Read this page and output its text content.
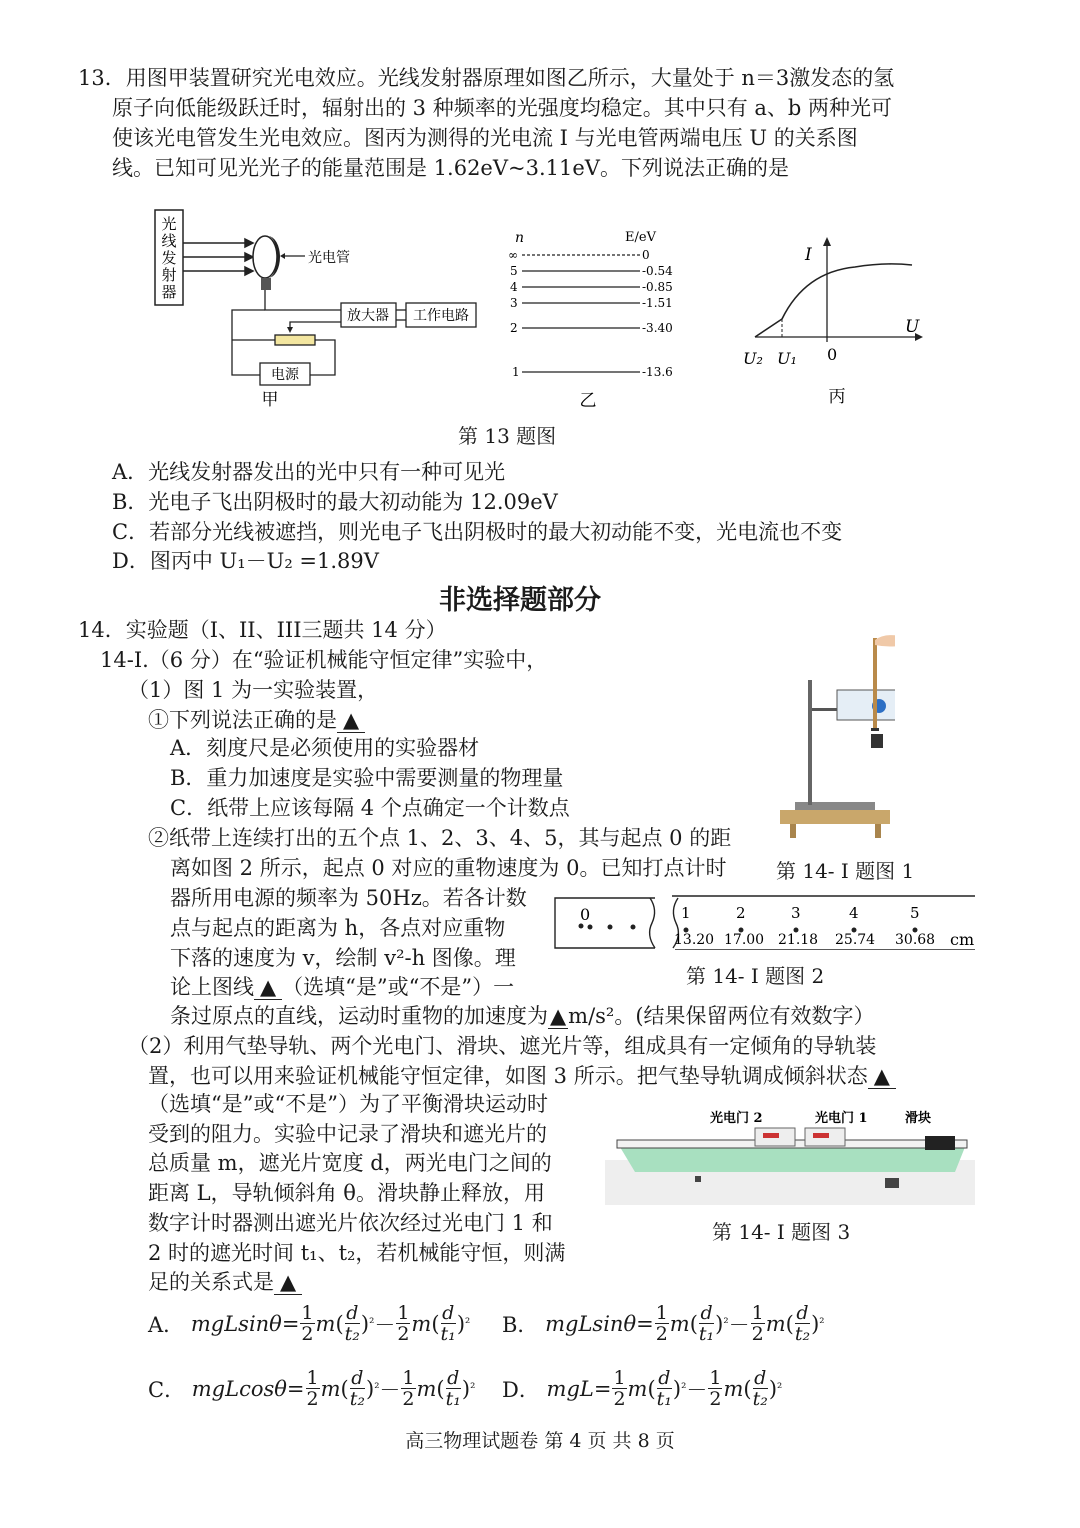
13．用图甲装置研究光电效应。光线发射器原理如图乙所示，大量处于 n＝3激发态的氢
原子向低能级跃迁时，辐射出的 3 种频率的光强度均稳定。其中只有 a、b 两种光可
使该光电管发生光电效应。图丙为测得的光电流 I 与光电管两端电压 U 的关系图
线。已知可见光光子的能量范围是 1.62eV~3.11eV。下列说法正确的是
光
线
发
射
器
光电管
放大器 工作电路
电源
甲
n	E/eV
∞
5
4
3
2
1
0
-0.54
-0.85
-1.51
-3.40
-13.6
乙
I
U
U₂ U₁ 0
丙
第 13 题图
A．光线发射器发出的光中只有一种可见光
B．光电子飞出阴极时的最大初动能为 12.09eV
C．若部分光线被遮挡，则光电子飞出阴极时的最大初动能不变，光电流也不变
D．图丙中 U₁－U₂ =1.89V
非选择题部分
14．实验题（I、II、III三题共 14 分）
14-I.（6 分）在“验证机械能守恒定律”实验中，
（1）图 1 为一实验装置，
①下列说法正确的是 ▲
A．刻度尺是必须使用的实验器材
B．重力加速度是实验中需要测量的物理量
C．纸带上应该每隔 4 个点确定一个计数点
②纸带上连续打出的五个点 1、2、3、4、5，其与起点 0 的距
离如图 2 所示，起点 0 对应的重物速度为 0。已知打点计时
器所用电源的频率为 50Hz。若各计数
点与起点的距离为 h，各点对应重物
下落的速度为 v，绘制 v²-h 图像。理
论上图线 ▲ （选填“是”或“不是”）一
条过原点的直线，运动时重物的加速度为▲m/s²。(结果保留两位有效数字）
第 14- Ⅰ 题图 1
0	1	2	3	4	5
13.20 17.00 21.18 25.74 30.68 cm
第 14- Ⅰ 题图 2
（2）利用气垫导轨、两个光电门、滑块、遮光片等，组成具有一定倾角的导轨装
置，也可以用来验证机械能守恒定律，如图 3 所示。把气垫导轨调成倾斜状态 ▲
（选填“是”或“不是”）为了平衡滑块运动时
受到的阻力。实验中记录了滑块和遮光片的
总质量 m，遮光片宽度 d，两光电门之间的
距离 L，导轨倾斜角 θ。滑块静止释放，用
数字计时器测出遮光片依次经过光电门 1 和
2 时的遮光时间 t₁、t₂，若机械能守恒，则满
足的关系式是 ▲
光电门 2	光电门 1	滑块
第 14- Ⅰ 题图 3
A．
$mgLsin\theta= \frac{1}{2}$ m ( $\frac{d}{\text{t₂}}$ ) $^2 - \frac{1}{2}$ m ( $\frac{d}{\text{t₁}}$ ) ² B．
$mgLsin\theta= \frac{1}{2}$ m ( $\frac{d}{\text{t₁}}$ ) $^2 - \frac{1}{2}$ m ( $\frac{d}{\text{t₂}}$ ) ²
C．
$mgLcos\theta= \frac{1}{2}$ m ( $\frac{d}{\text{t₂}}$ ) $^2 - \frac{1}{2}$ m ( $\frac{d}{\text{t₁}}$ ) ² D．
$mgL= \frac{1}{2}$ m ( $\frac{d}{\text{t₁}}$ ) $^2 - \frac{1}{2}$ m ( $\frac{d}{\text{t₂}}$ ) ²
高三物理试题卷 第 4 页 共 8 页
